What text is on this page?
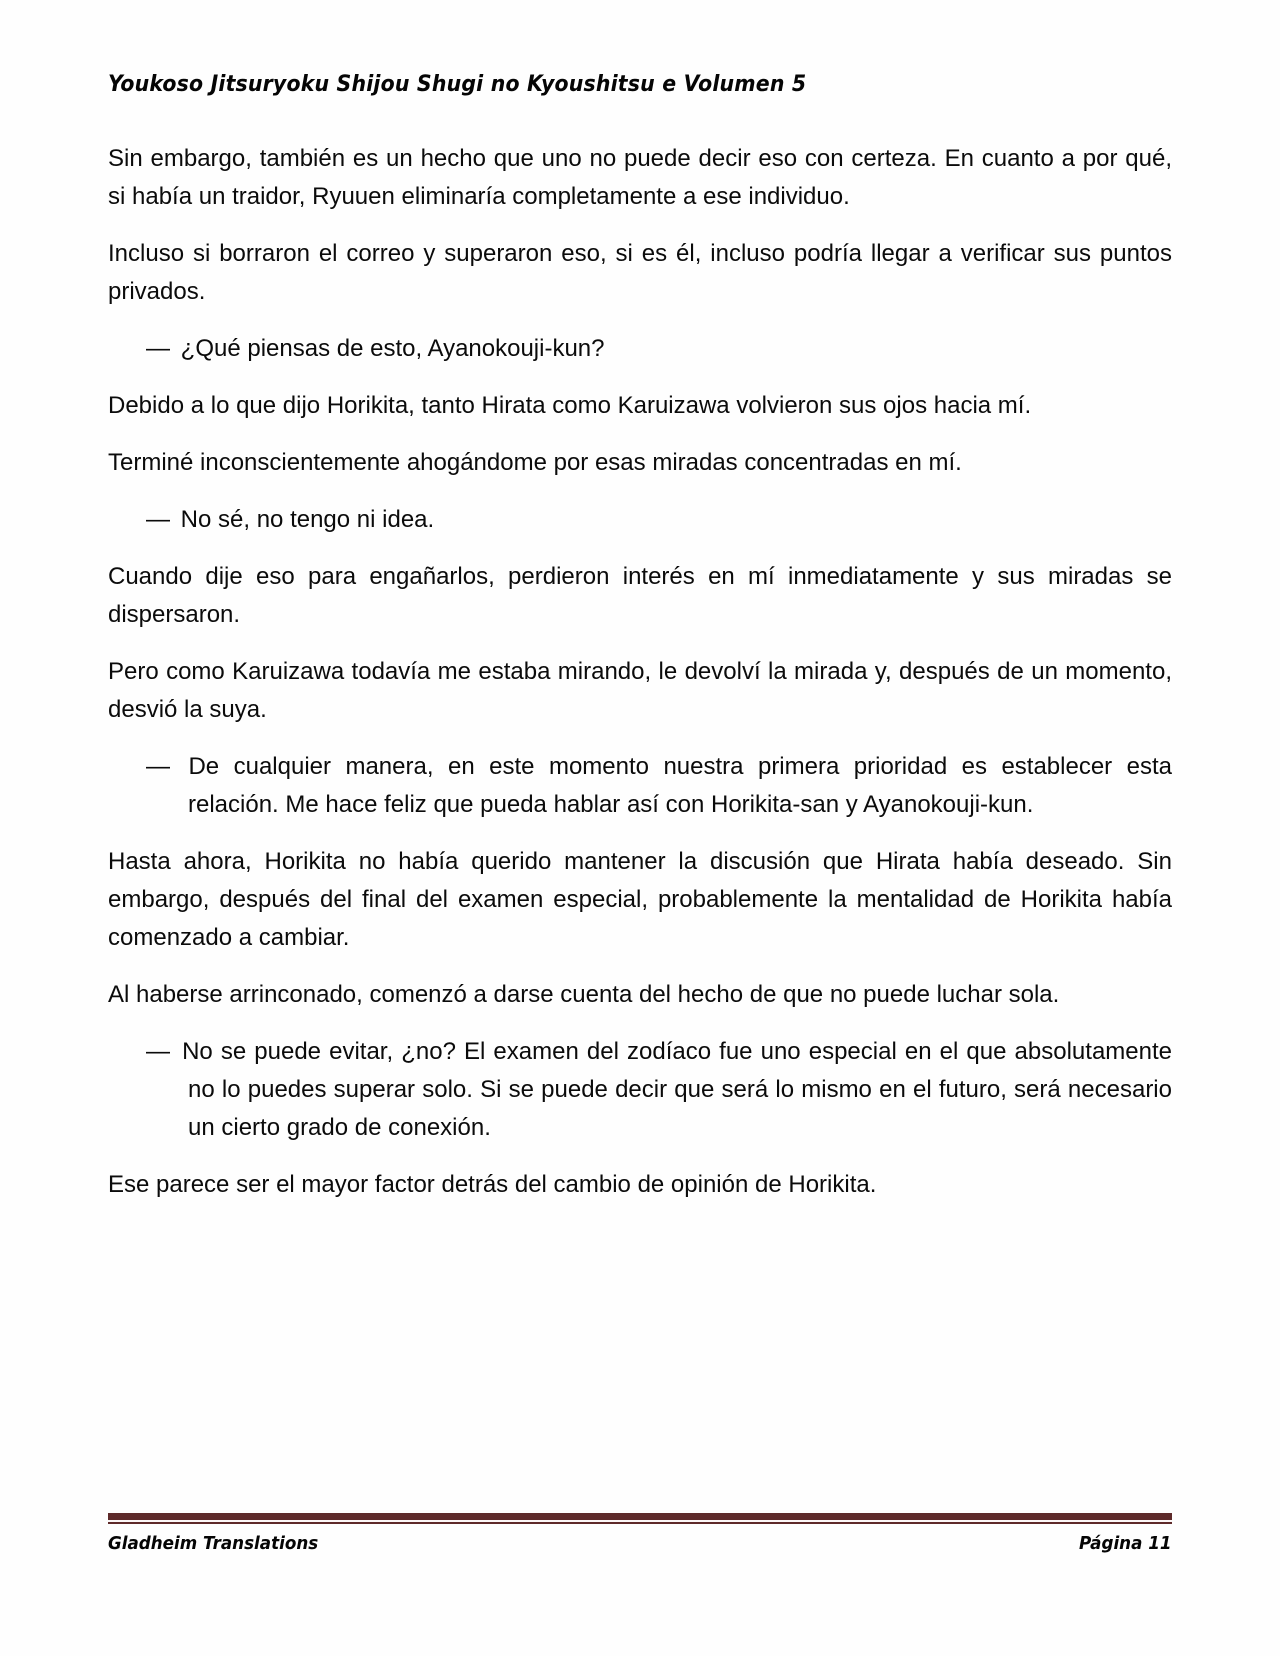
Youkoso Jitsuryoku Shijou Shugi no Kyoushitsu e Volumen 5

Sin embargo, también es un hecho que uno no puede decir eso con certeza. En cuanto a por qué, si había un traidor, Ryuuen eliminaría completamente a ese individuo.

Incluso si borraron el correo y superaron eso, si es él, incluso podría llegar a verificar sus puntos privados.

— ¿Qué piensas de esto, Ayanokouji-kun?

Debido a lo que dijo Horikita, tanto Hirata como Karuizawa volvieron sus ojos hacia mí.

Terminé inconscientemente ahogándome por esas miradas concentradas en mí.

— No sé, no tengo ni idea.

Cuando dije eso para engañarlos, perdieron interés en mí inmediatamente y sus miradas se dispersaron.

Pero como Karuizawa todavía me estaba mirando, le devolví la mirada y, después de un momento, desvió la suya.

— De cualquier manera, en este momento nuestra primera prioridad es establecer esta relación. Me hace feliz que pueda hablar así con Horikita-san y Ayanokouji-kun.

Hasta ahora, Horikita no había querido mantener la discusión que Hirata había deseado. Sin embargo, después del final del examen especial, probablemente la mentalidad de Horikita había comenzado a cambiar.

Al haberse arrinconado, comenzó a darse cuenta del hecho de que no puede luchar sola.

— No se puede evitar, ¿no? El examen del zodíaco fue uno especial en el que absolutamente no lo puedes superar solo. Si se puede decir que será lo mismo en el futuro, será necesario un cierto grado de conexión.

Ese parece ser el mayor factor detrás del cambio de opinión de Horikita.

Gladheim Translations	Página 11
